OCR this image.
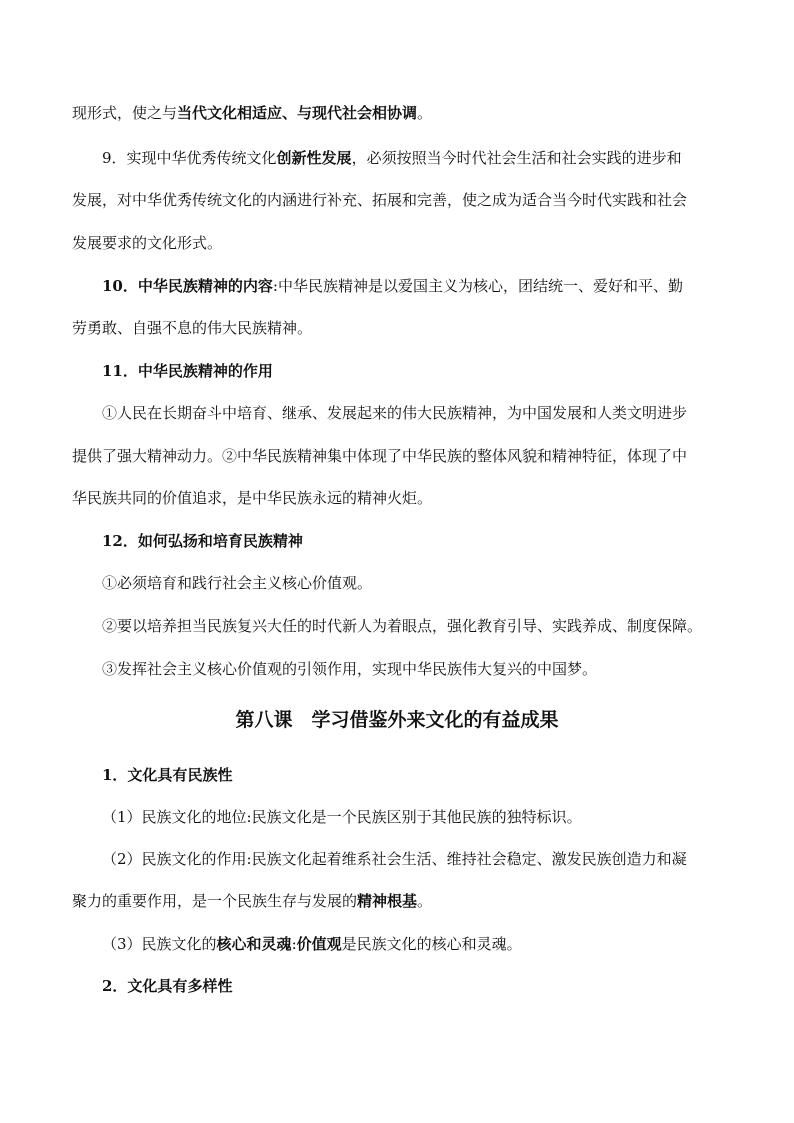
现形式，使之与当代文化相适应、与现代社会相协调。
9．实现中华优秀传统文化创新性发展，必须按照当今时代社会生活和社会实践的进步和
发展，对中华优秀传统文化的内涵进行补充、拓展和完善，使之成为适合当今时代实践和社会
发展要求的文化形式。
10．中华民族精神的内容:中华民族精神是以爱国主义为核心，团结统一、爱好和平、勤
劳勇敢、自强不息的伟大民族精神。
11．中华民族精神的作用
①人民在长期奋斗中培育、继承、发展起来的伟大民族精神，为中国发展和人类文明进步
提供了强大精神动力。②中华民族精神集中体现了中华民族的整体风貌和精神特征，体现了中
华民族共同的价值追求，是中华民族永远的精神火炬。
12．如何弘扬和培育民族精神
①必须培育和践行社会主义核心价值观。
②要以培养担当民族复兴大任的时代新人为着眼点，强化教育引导、实践养成、制度保障。
③发挥社会主义核心价值观的引领作用，实现中华民族伟大复兴的中国梦。
第八课　学习借鉴外来文化的有益成果
1．文化具有民族性
（1）民族文化的地位:民族文化是一个民族区别于其他民族的独特标识。
（2）民族文化的作用:民族文化起着维系社会生活、维持社会稳定、激发民族创造力和凝
聚力的重要作用，是一个民族生存与发展的精神根基。
（3）民族文化的核心和灵魂:价值观是民族文化的核心和灵魂。
2．文化具有多样性
